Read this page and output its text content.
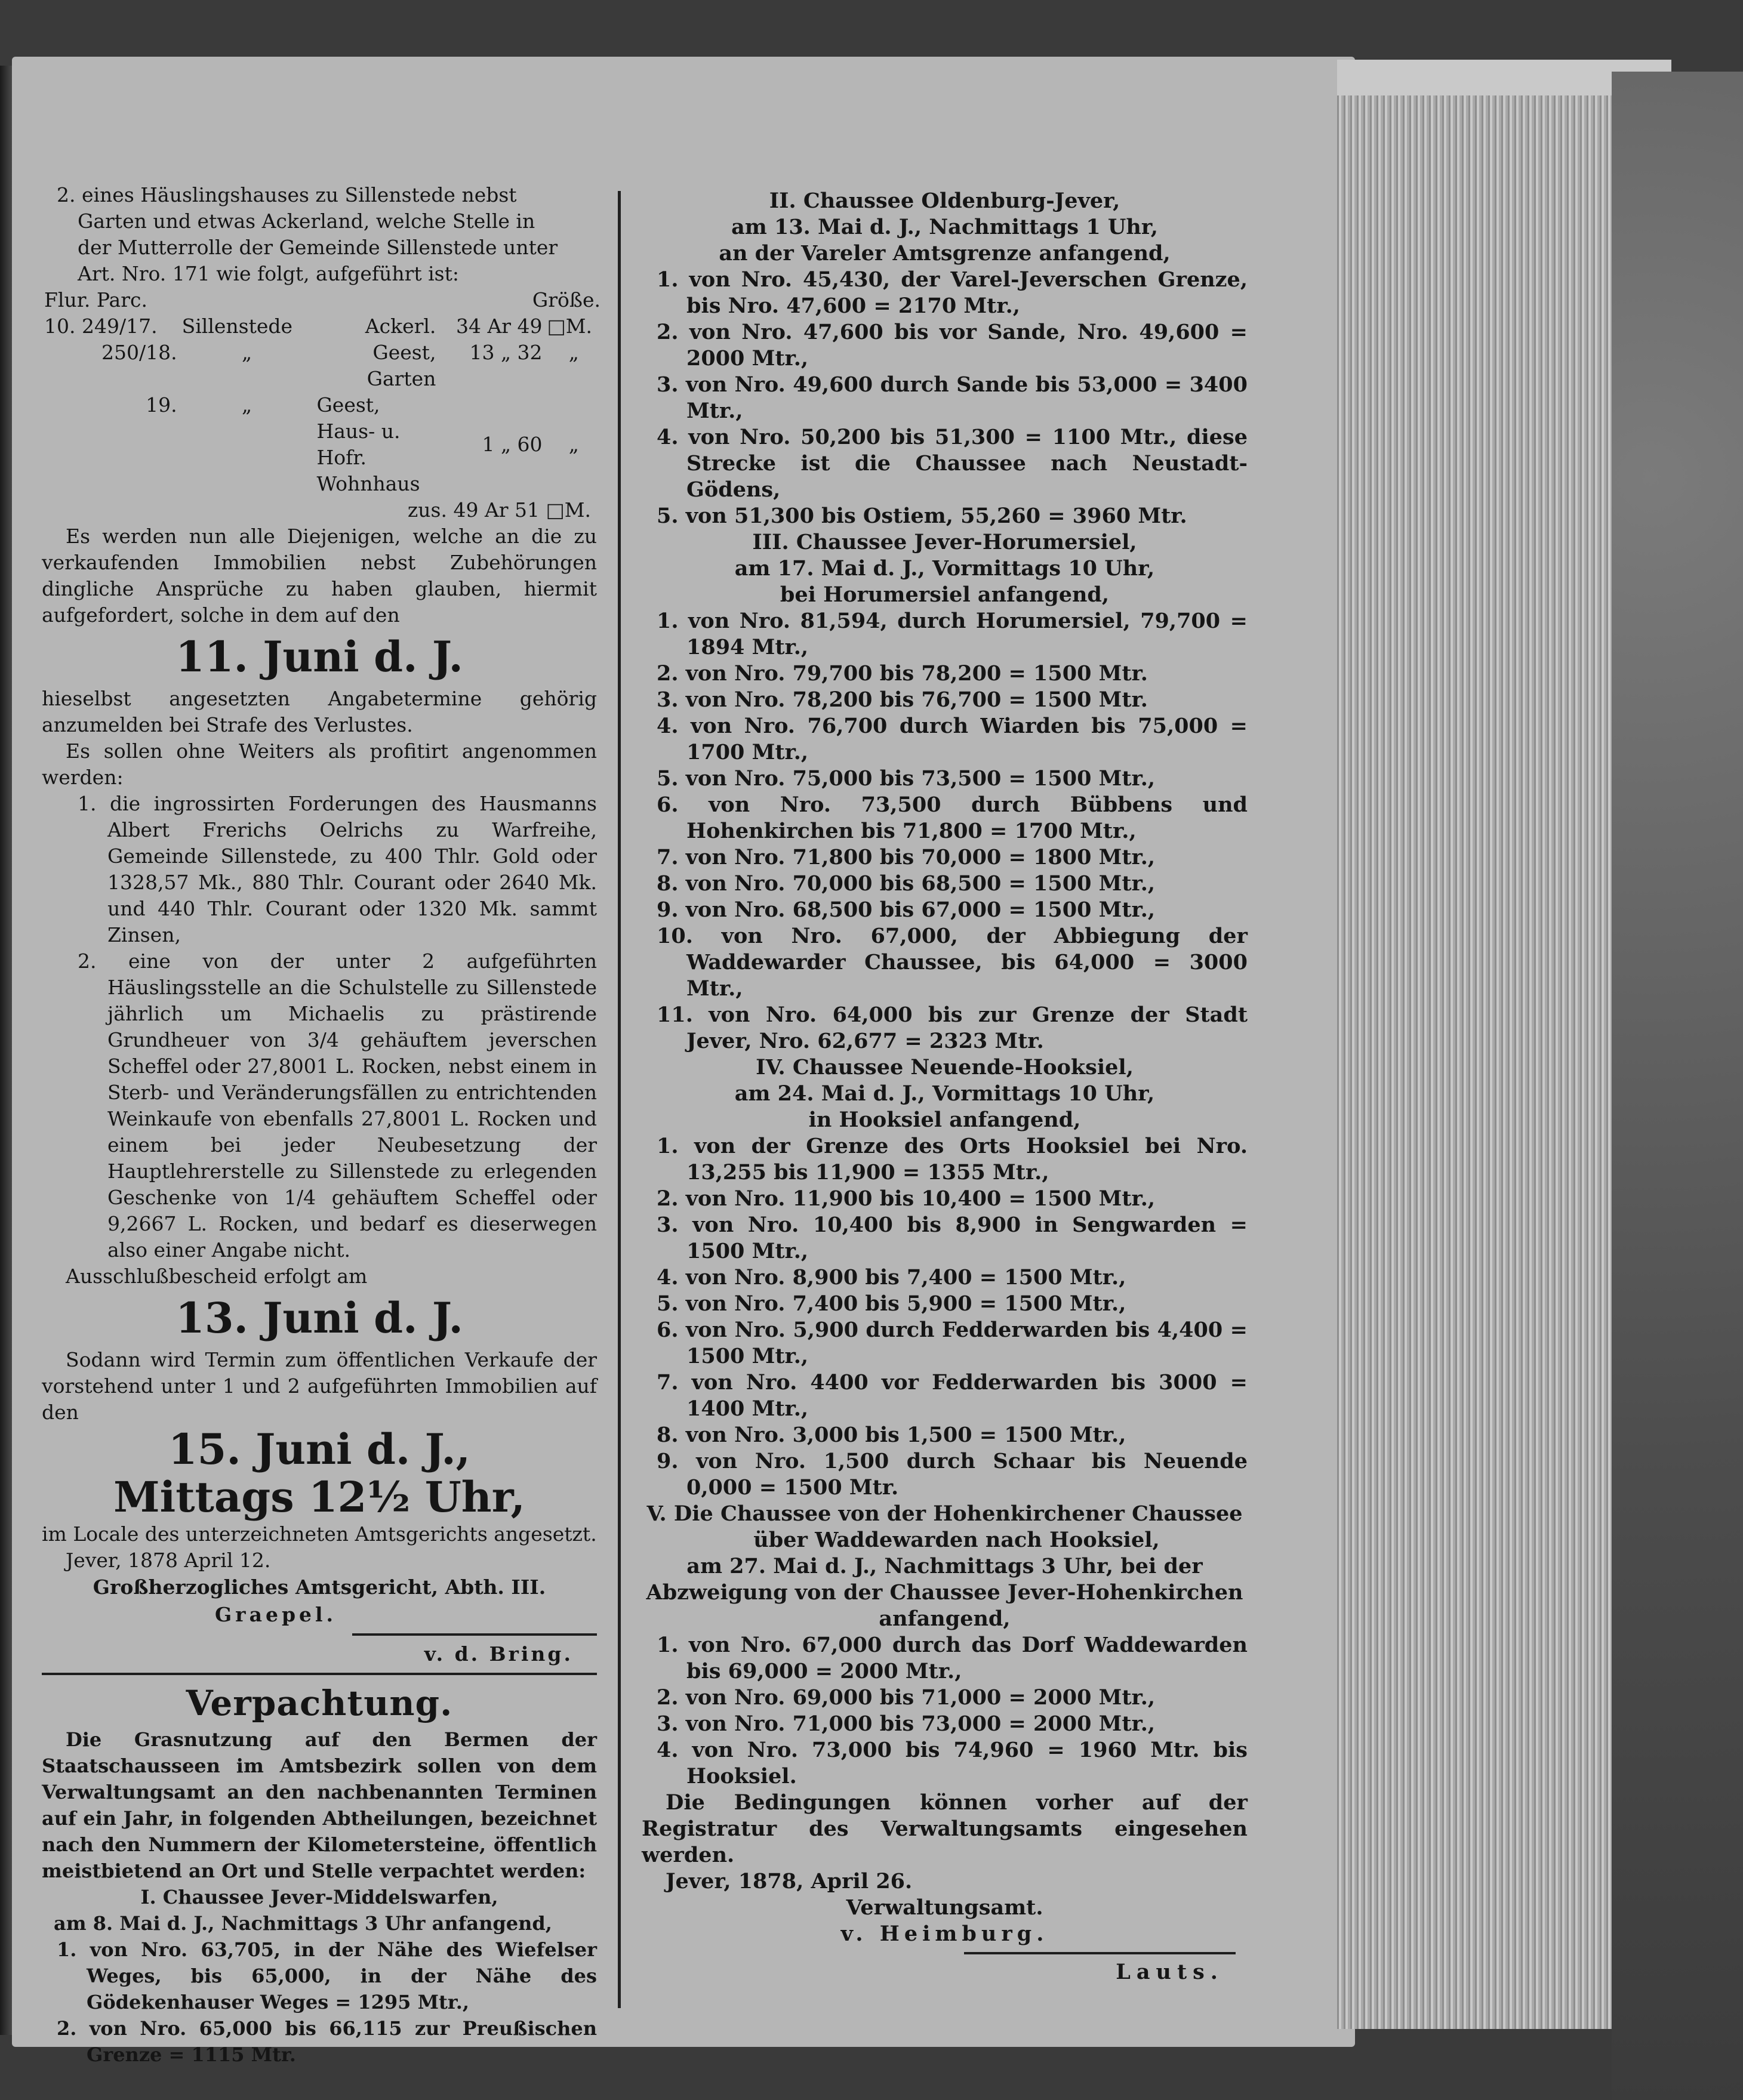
2. eines Häuslingshauses zu Sillenstede nebst

Garten und etwas Ackerland, welche Stelle in

der Mutterrolle der Gemeinde Sillenstede unter

Art. Nro. 171 wie folgt, aufgeführt ist:

Flur. Parc.			Größe.	
10. 249/17.	Sillenstede	Ackerl.	34 Ar 49	□M.
250/18.	„	Geest, Garten	13 „ 32	„
19.	„	Geest, Haus- u. Hofr. Wohnhaus	1 „ 60	„
zus. 49 Ar 51 □M.				

Es werden nun alle Diejenigen, welche an die zu verkaufenden Immobilien nebst Zubehörungen dingliche Ansprüche zu haben glauben, hiermit aufgefordert, solche in dem auf den

11. Juni d. J.

hieselbst angesetzten Angabetermine gehörig anzumelden bei Strafe des Verlustes.

Es sollen ohne Weiters als profitirt angenommen werden:

1. die ingrossirten Forderungen des Hausmanns Albert Frerichs Oelrichs zu Warfreihe, Gemeinde Sillenstede, zu 400 Thlr. Gold oder 1328,57 Mk., 880 Thlr. Courant oder 2640 Mk. und 440 Thlr. Courant oder 1320 Mk. sammt Zinsen,

2. eine von der unter 2 aufgeführten Häuslingsstelle an die Schulstelle zu Sillenstede jährlich um Michaelis zu prästirende Grundheuer von 3/4 gehäuftem jeverschen Scheffel oder 27,8001 L. Rocken, nebst einem in Sterb- und Veränderungsfällen zu entrichtenden Weinkaufe von ebenfalls 27,8001 L. Rocken und einem bei jeder Neubesetzung der Hauptlehrerstelle zu Sillenstede zu erlegenden Geschenke von 1/4 gehäuftem Scheffel oder 9,2667 L. Rocken, und bedarf es dieserwegen also einer Angabe nicht.

Ausschlußbescheid erfolgt am

13. Juni d. J.

Sodann wird Termin zum öffentlichen Verkaufe der vorstehend unter 1 und 2 aufgeführten Immobilien auf den

15. Juni d. J.,

Mittags 12½ Uhr,

im Locale des unterzeichneten Amtsgerichts angesetzt.

Jever, 1878 April 12.

Großherzogliches Amtsgericht, Abth. III.

Graepel.

v. d. Bring.

Verpachtung.

Die Grasnutzung auf den Bermen der Staatschausseen im Amtsbezirk sollen von dem Verwaltungsamt an den nachbenannten Terminen auf ein Jahr, in folgenden Abtheilungen, bezeichnet nach den Nummern der Kilometersteine, öffentlich meistbietend an Ort und Stelle verpachtet werden:

I. Chaussee Jever-Middelswarfen,

am 8. Mai d. J., Nachmittags 3 Uhr anfangend,

1. von Nro. 63,705, in der Nähe des Wiefelser Weges, bis 65,000, in der Nähe des Gödekenhauser Weges = 1295 Mtr.,

2. von Nro. 65,000 bis 66,115 zur Preußischen Grenze = 1115 Mtr.

II. Chaussee Oldenburg-Jever,

am 13. Mai d. J., Nachmittags 1 Uhr,

an der Vareler Amtsgrenze anfangend,

1. von Nro. 45,430, der Varel-Jeverschen Grenze, bis Nro. 47,600 = 2170 Mtr.,

2. von Nro. 47,600 bis vor Sande, Nro. 49,600 = 2000 Mtr.,

3. von Nro. 49,600 durch Sande bis 53,000 = 3400 Mtr.,

4. von Nro. 50,200 bis 51,300 = 1100 Mtr., diese Strecke ist die Chaussee nach Neustadt-Gödens,

5. von 51,300 bis Ostiem, 55,260 = 3960 Mtr.

III. Chaussee Jever-Horumersiel,

am 17. Mai d. J., Vormittags 10 Uhr,

bei Horumersiel anfangend,

1. von Nro. 81,594, durch Horumersiel, 79,700 = 1894 Mtr.,

2. von Nro. 79,700 bis 78,200 = 1500 Mtr.

3. von Nro. 78,200 bis 76,700 = 1500 Mtr.

4. von Nro. 76,700 durch Wiarden bis 75,000 = 1700 Mtr.,

5. von Nro. 75,000 bis 73,500 = 1500 Mtr.,

6. von Nro. 73,500 durch Bübbens und Hohenkirchen bis 71,800 = 1700 Mtr.,

7. von Nro. 71,800 bis 70,000 = 1800 Mtr.,

8. von Nro. 70,000 bis 68,500 = 1500 Mtr.,

9. von Nro. 68,500 bis 67,000 = 1500 Mtr.,

10. von Nro. 67,000, der Abbiegung der Waddewarder Chaussee, bis 64,000 = 3000 Mtr.,

11. von Nro. 64,000 bis zur Grenze der Stadt Jever, Nro. 62,677 = 2323 Mtr.

IV. Chaussee Neuende-Hooksiel,

am 24. Mai d. J., Vormittags 10 Uhr,

in Hooksiel anfangend,

1. von der Grenze des Orts Hooksiel bei Nro. 13,255 bis 11,900 = 1355 Mtr.,

2. von Nro. 11,900 bis 10,400 = 1500 Mtr.,

3. von Nro. 10,400 bis 8,900 in Sengwarden = 1500 Mtr.,

4. von Nro. 8,900 bis 7,400 = 1500 Mtr.,

5. von Nro. 7,400 bis 5,900 = 1500 Mtr.,

6. von Nro. 5,900 durch Fedderwarden bis 4,400 = 1500 Mtr.,

7. von Nro. 4400 vor Fedderwarden bis 3000 = 1400 Mtr.,

8. von Nro. 3,000 bis 1,500 = 1500 Mtr.,

9. von Nro. 1,500 durch Schaar bis Neuende 0,000 = 1500 Mtr.

V. Die Chaussee von der Hohenkirchener Chaussee über Waddewarden nach Hooksiel,

am 27. Mai d. J., Nachmittags 3 Uhr, bei der Abzweigung von der Chaussee Jever-Hohenkirchen anfangend,

1. von Nro. 67,000 durch das Dorf Waddewarden bis 69,000 = 2000 Mtr.,

2. von Nro. 69,000 bis 71,000 = 2000 Mtr.,

3. von Nro. 71,000 bis 73,000 = 2000 Mtr.,

4. von Nro. 73,000 bis 74,960 = 1960 Mtr. bis Hooksiel.

Die Bedingungen können vorher auf der Registratur des Verwaltungsamts eingesehen werden.

Jever, 1878, April 26.

Verwaltungsamt.

v. Heimburg.

Lauts.
